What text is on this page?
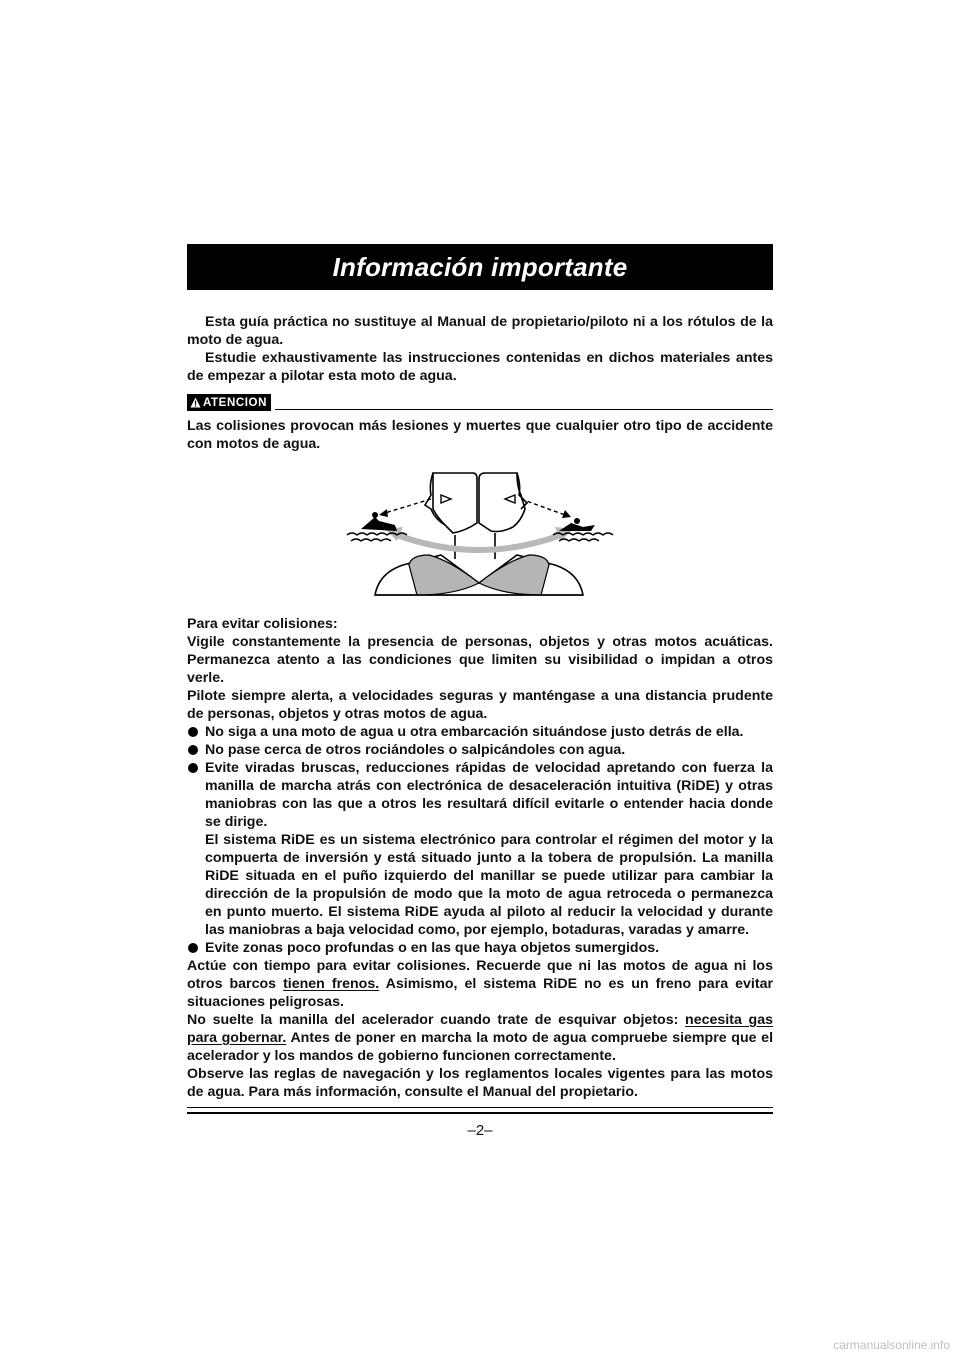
Información importante

Esta guía práctica no sustituye al Manual de propietario/piloto ni a los rótulos de la moto de agua.

Estudie exhaustivamente las instrucciones contenidas en dichos materiales antes de empezar a pilotar esta moto de agua.

ATENCION

Las colisiones provocan más lesiones y muertes que cualquier otro tipo de accidente con motos de agua.

Para evitar colisiones:

Vigile constantemente la presencia de personas, objetos y otras motos acuáticas. Permanezca atento a las condiciones que limiten su visibilidad o impidan a otros verle.

Pilote siempre alerta, a velocidades seguras y manténgase a una distancia prudente de personas, objetos y otras motos de agua.

No siga a una moto de agua u otra embarcación situándose justo detrás de ella.
No pase cerca de otros rociándoles o salpicándoles con agua.
Evite viradas bruscas, reducciones rápidas de velocidad apretando con fuerza la manilla de marcha atrás con electrónica de desaceleración intuitiva (RiDE) y otras maniobras con las que a otros les resultará difícil evitarle o entender hacia donde se dirige.

El sistema RiDE es un sistema electrónico para controlar el régimen del motor y la compuerta de inversión y está situado junto a la tobera de propulsión. La manilla RiDE situada en el puño izquierdo del manillar se puede utilizar para cambiar la dirección de la propulsión de modo que la moto de agua retroceda o permanezca en punto muerto. El sistema RiDE ayuda al piloto al reducir la velocidad y durante las maniobras a baja velocidad como, por ejemplo, botaduras, varadas y amarre.

Evite zonas poco profundas o en las que haya objetos sumergidos.

Actúe con tiempo para evitar colisiones. Recuerde que ni las motos de agua ni los otros barcos tienen frenos. Asimismo, el sistema RiDE no es un freno para evitar situaciones peligrosas.

No suelte la manilla del acelerador cuando trate de esquivar objetos: necesita gas para gobernar. Antes de poner en marcha la moto de agua compruebe siempre que el acelerador y los mandos de gobierno funcionen correctamente.

Observe las reglas de navegación y los reglamentos locales vigentes para las motos de agua. Para más información, consulte el Manual del propietario.

–2–
carmanualsonline.info
